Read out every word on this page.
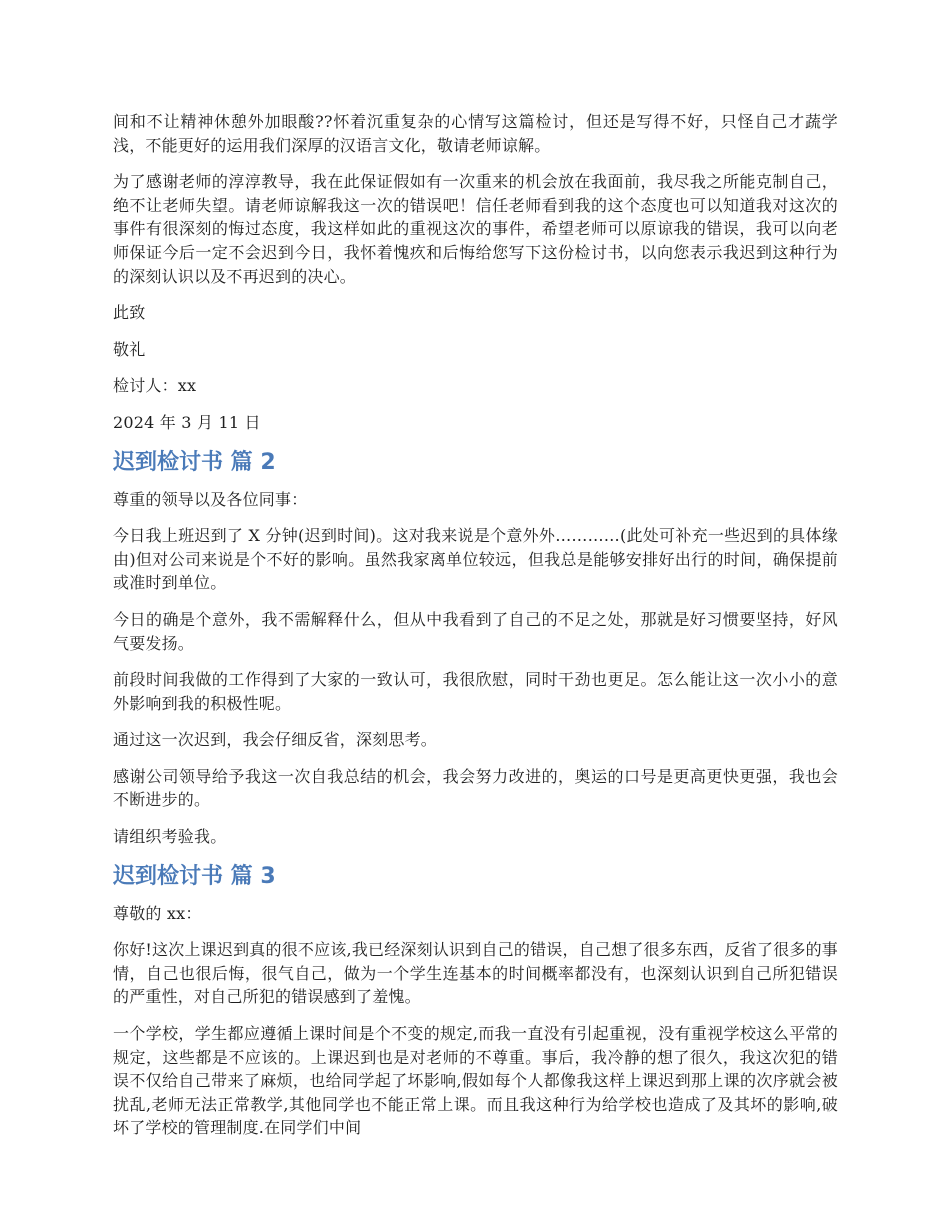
间和不让精神休憩外加眼酸??怀着沉重复杂的心情写这篇检讨，但还是写得不好，只怪自己才蔬学浅，不能更好的运用我们深厚的汉语言文化，敬请老师谅解。

为了感谢老师的淳淳教导，我在此保证假如有一次重来的机会放在我面前，我尽我之所能克制自己，绝不让老师失望。请老师谅解我这一次的错误吧！信任老师看到我的这个态度也可以知道我对这次的事件有很深刻的悔过态度，我这样如此的重视这次的事件，希望老师可以原谅我的错误，我可以向老师保证今后一定不会迟到今日，我怀着愧疚和后悔给您写下这份检讨书，以向您表示我迟到这种行为的深刻认识以及不再迟到的决心。

此致

敬礼

检讨人：xx

2024 年 3 月 11 日

迟到检讨书 篇 2

尊重的领导以及各位同事：

今日我上班迟到了 X 分钟(迟到时间)。这对我来说是个意外外…………(此处可补充一些迟到的具体缘由)但对公司来说是个不好的影响。虽然我家离单位较远，但我总是能够安排好出行的时间，确保提前或准时到单位。

今日的确是个意外，我不需解释什么，但从中我看到了自己的不足之处，那就是好习惯要坚持，好风气要发扬。

前段时间我做的工作得到了大家的一致认可，我很欣慰，同时干劲也更足。怎么能让这一次小小的意外影响到我的积极性呢。

通过这一次迟到，我会仔细反省，深刻思考。

感谢公司领导给予我这一次自我总结的机会，我会努力改进的，奥运的口号是更高更快更强，我也会不断进步的。

请组织考验我。

迟到检讨书 篇 3

尊敬的 xx：

你好!这次上课迟到真的很不应该,我已经深刻认识到自己的错误，自己想了很多东西，反省了很多的事情，自己也很后悔，很气自己，做为一个学生连基本的时间概率都没有，也深刻认识到自己所犯错误的严重性，对自己所犯的错误感到了羞愧。

一个学校，学生都应遵循上课时间是个不变的规定,而我一直没有引起重视，没有重视学校这么平常的规定，这些都是不应该的。上课迟到也是对老师的不尊重。事后，我冷静的想了很久，我这次犯的错误不仅给自己带来了麻烦，也给同学起了坏影响,假如每个人都像我这样上课迟到那上课的次序就会被扰乱,老师无法正常教学,其他同学也不能正常上课。而且我这种行为给学校也造成了及其坏的影响,破坏了学校的管理制度.在同学们中间
